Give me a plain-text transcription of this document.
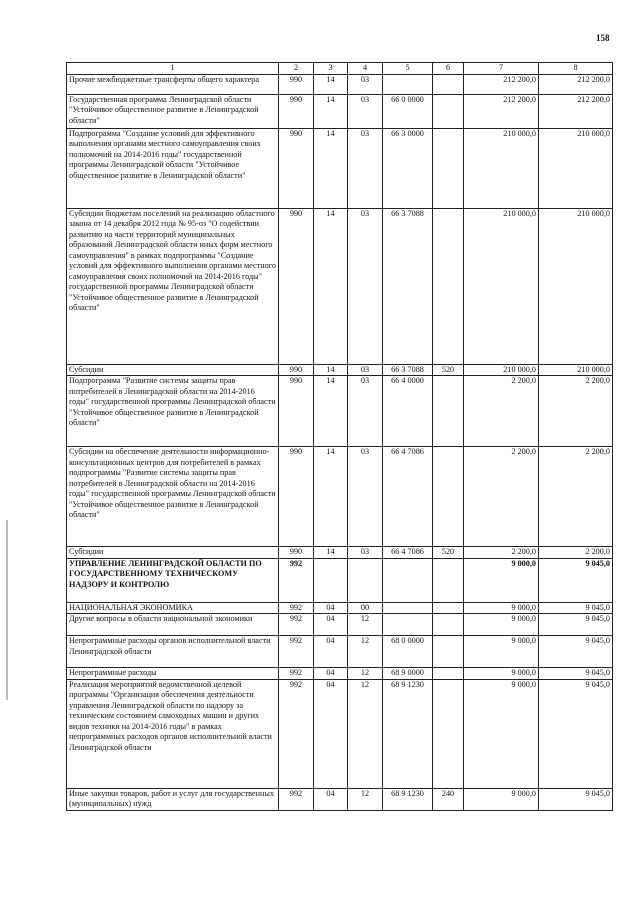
158
1	2	3	4	5	6	7	8
Прочие межбюджетные трансферты общего характера	990	14	03			212 200,0	212 200,0
Государственная программа Ленинградской области "Устойчивое общественное развитие в Ленинградской области"	990	14	03	66 0 0000		212 200,0	212 200,0
Подпрограмма "Создание условий для эффективного выполнения органами местного самоуправления своих полномочий на 2014-2016 годы" государственной программы Ленинградской области "Устойчивое общественное развитие в Ленинградской области"	990	14	03	66 3 0000		210 000,0	210 000,0
Субсидии бюджетам поселений на реализацию областного закона от 14 декабря 2012 года № 95-оз "О содействии развитию на части территорий муниципальных образований Ленинградской области иных форм местного самоуправления" в рамках подпрограммы "Создание условий для эффективного выполнения органами местного самоуправления своих полномочий на 2014-2016 годы" государственной программы Ленинградской области "Устойчивое общественное развитие в Ленинградской области"	990	14	03	66 3 7088		210 000,0	210 000,0
Субсидии	990	14	03	66 3 7088	520	210 000,0	210 000,0
Подпрограмма "Развитие системы защиты прав потребителей в Ленинградской области на 2014-2016 годы" государственной программы Ленинградской области "Устойчивое общественное развитие в Ленинградской области"	990	14	03	66 4 0000		2 200,0	2 200,0
Субсидии на обеспечение деятельности информационно-консультационных центров для потребителей в рамках подпрограммы "Развитие системы защиты прав потребителей в Ленинградской области на 2014-2016 годы" государственной программы Ленинградской области "Устойчивое общественное развитие в Ленинградской области"	990	14	03	66 4 7086		2 200,0	2 200,0
Субсидии	990	14	03	66 4 7086	520	2 200,0	2 200,0
УПРАВЛЕНИЕ ЛЕНИНГРАДСКОЙ ОБЛАСТИ ПО ГОСУДАРСТВЕННОМУ ТЕХНИЧЕСКОМУ НАДЗОРУ И КОНТРОЛЮ	992					9 000,0	9 045,0
НАЦИОНАЛЬНАЯ ЭКОНОМИКА	992	04	00			9 000,0	9 045,0
Другие вопросы в области национальной экономики	992	04	12			9 000,0	9 045,0
Непрограммные расходы органов исполнительной власти Ленинградской области	992	04	12	68 0 0000		9 000,0	9 045,0
Непрограммные расходы	992	04	12	68 9 0000		9 000,0	9 045,0
Реализация мероприятий ведомственной целевой программы "Организация обеспечения деятельности управления Ленинградской области по надзору за техническим состоянием самоходных машин и других видов техники на 2014-2016 годы" в рамках непрограммных расходов органов исполнительной власти Ленинградской области	992	04	12	68 9 1230		9 000,0	9 045,0
Иные закупки товаров, работ и услуг для государственных (муниципальных) нужд	992	04	12	68 9 1230	240	9 000,0	9 045,0
